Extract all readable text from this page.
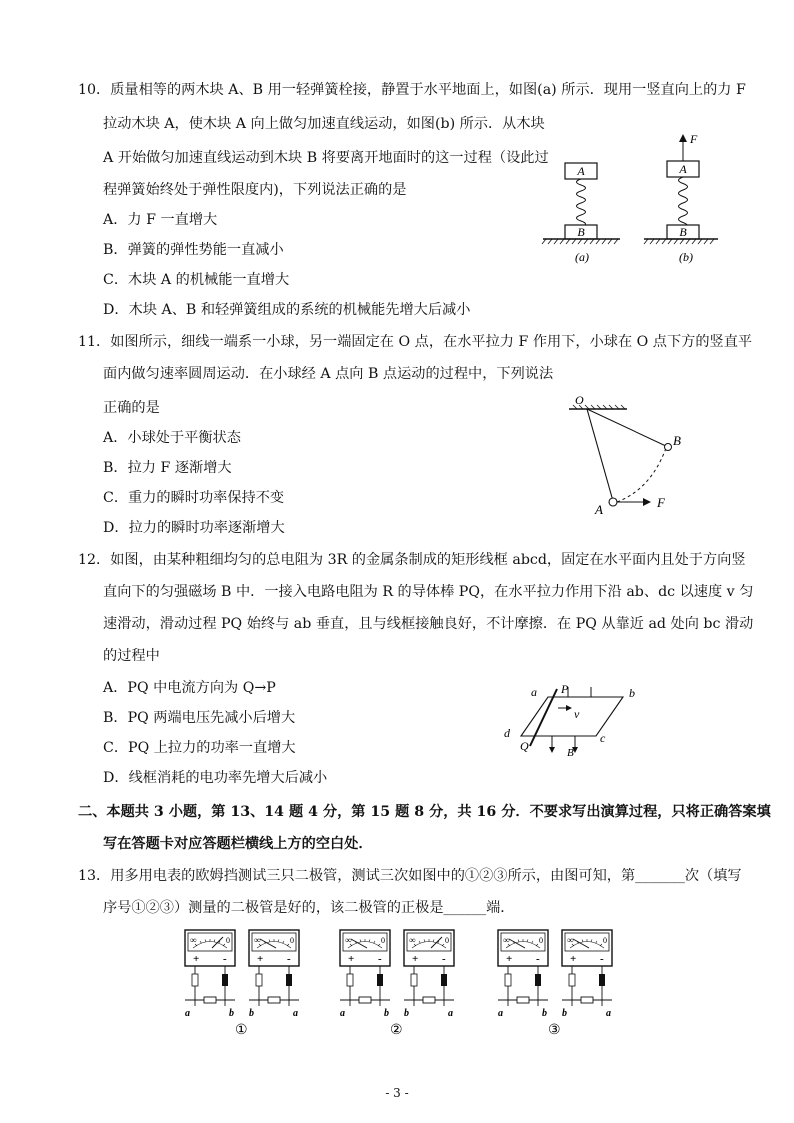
10．质量相等的两木块 A、B 用一轻弹簧栓接，静置于水平地面上，如图(a) 所示．现用一竖直向上的力 F
拉动木块 A，使木块 A 向上做匀加速直线运动，如图(b) 所示．从木块
A 开始做匀加速直线运动到木块 B 将要离开地面时的这一过程（设此过
程弹簧始终处于弹性限度内)，下列说法正确的是
A．力 F 一直增大
B．弹簧的弹性势能一直减小
C．木块 A 的机械能一直增大
D．木块 A、B 和轻弹簧组成的系统的机械能先增大后减小
A
B
(a)
F
A
B
(b)
11．如图所示，细线一端系一小球，另一端固定在 O 点，在水平拉力 F 作用下，小球在 O 点下方的竖直平
面内做匀速率圆周运动．在小球经 A 点向 B 点运动的过程中，下列说法
正确的是
A．小球处于平衡状态
B．拉力 F 逐渐增大
C．重力的瞬时功率保持不变
D．拉力的瞬时功率逐渐增大
O
B
A	F
12．如图，由某种粗细均匀的总电阻为 3R 的金属条制成的矩形线框 abcd，固定在水平面内且处于方向竖
直向下的匀强磁场 B 中．一接入电路电阻为 R 的导体棒 PQ，在水平拉力作用下沿 ab、dc 以速度 v 匀
速滑动，滑动过程 PQ 始终与 ab 垂直，且与线框接触良好，不计摩擦．在 PQ 从靠近 ad 处向 bc 滑动
的过程中
A．PQ 中电流方向为 Q→P
B．PQ 两端电压先减小后增大
C．PQ 上拉力的功率一直增大
D．线框消耗的电功率先增大后减小
v
a P	b
c
d
Q	B
二、本题共 3 小题，第 13、14 题 4 分，第 15 题 8 分，共 16 分．不要求写出演算过程，只将正确答案填
写在答题卡对应答题栏横线上方的空白处．
13．用多用电表的欧姆挡测试三只二极管，测试三次如图中的①②③所示，由图可知，第_______次（填写
序号①②③）测量的二极管是好的，该二极管的正极是______端．
∞	0
+ -
a	b
∞	0
+ -
b	a
①
∞	0
+ -
a	b
∞	0
+ -
b	a
②
∞	0
+ -
a	b
∞	0
+ -
b	a
③
- 3 -
